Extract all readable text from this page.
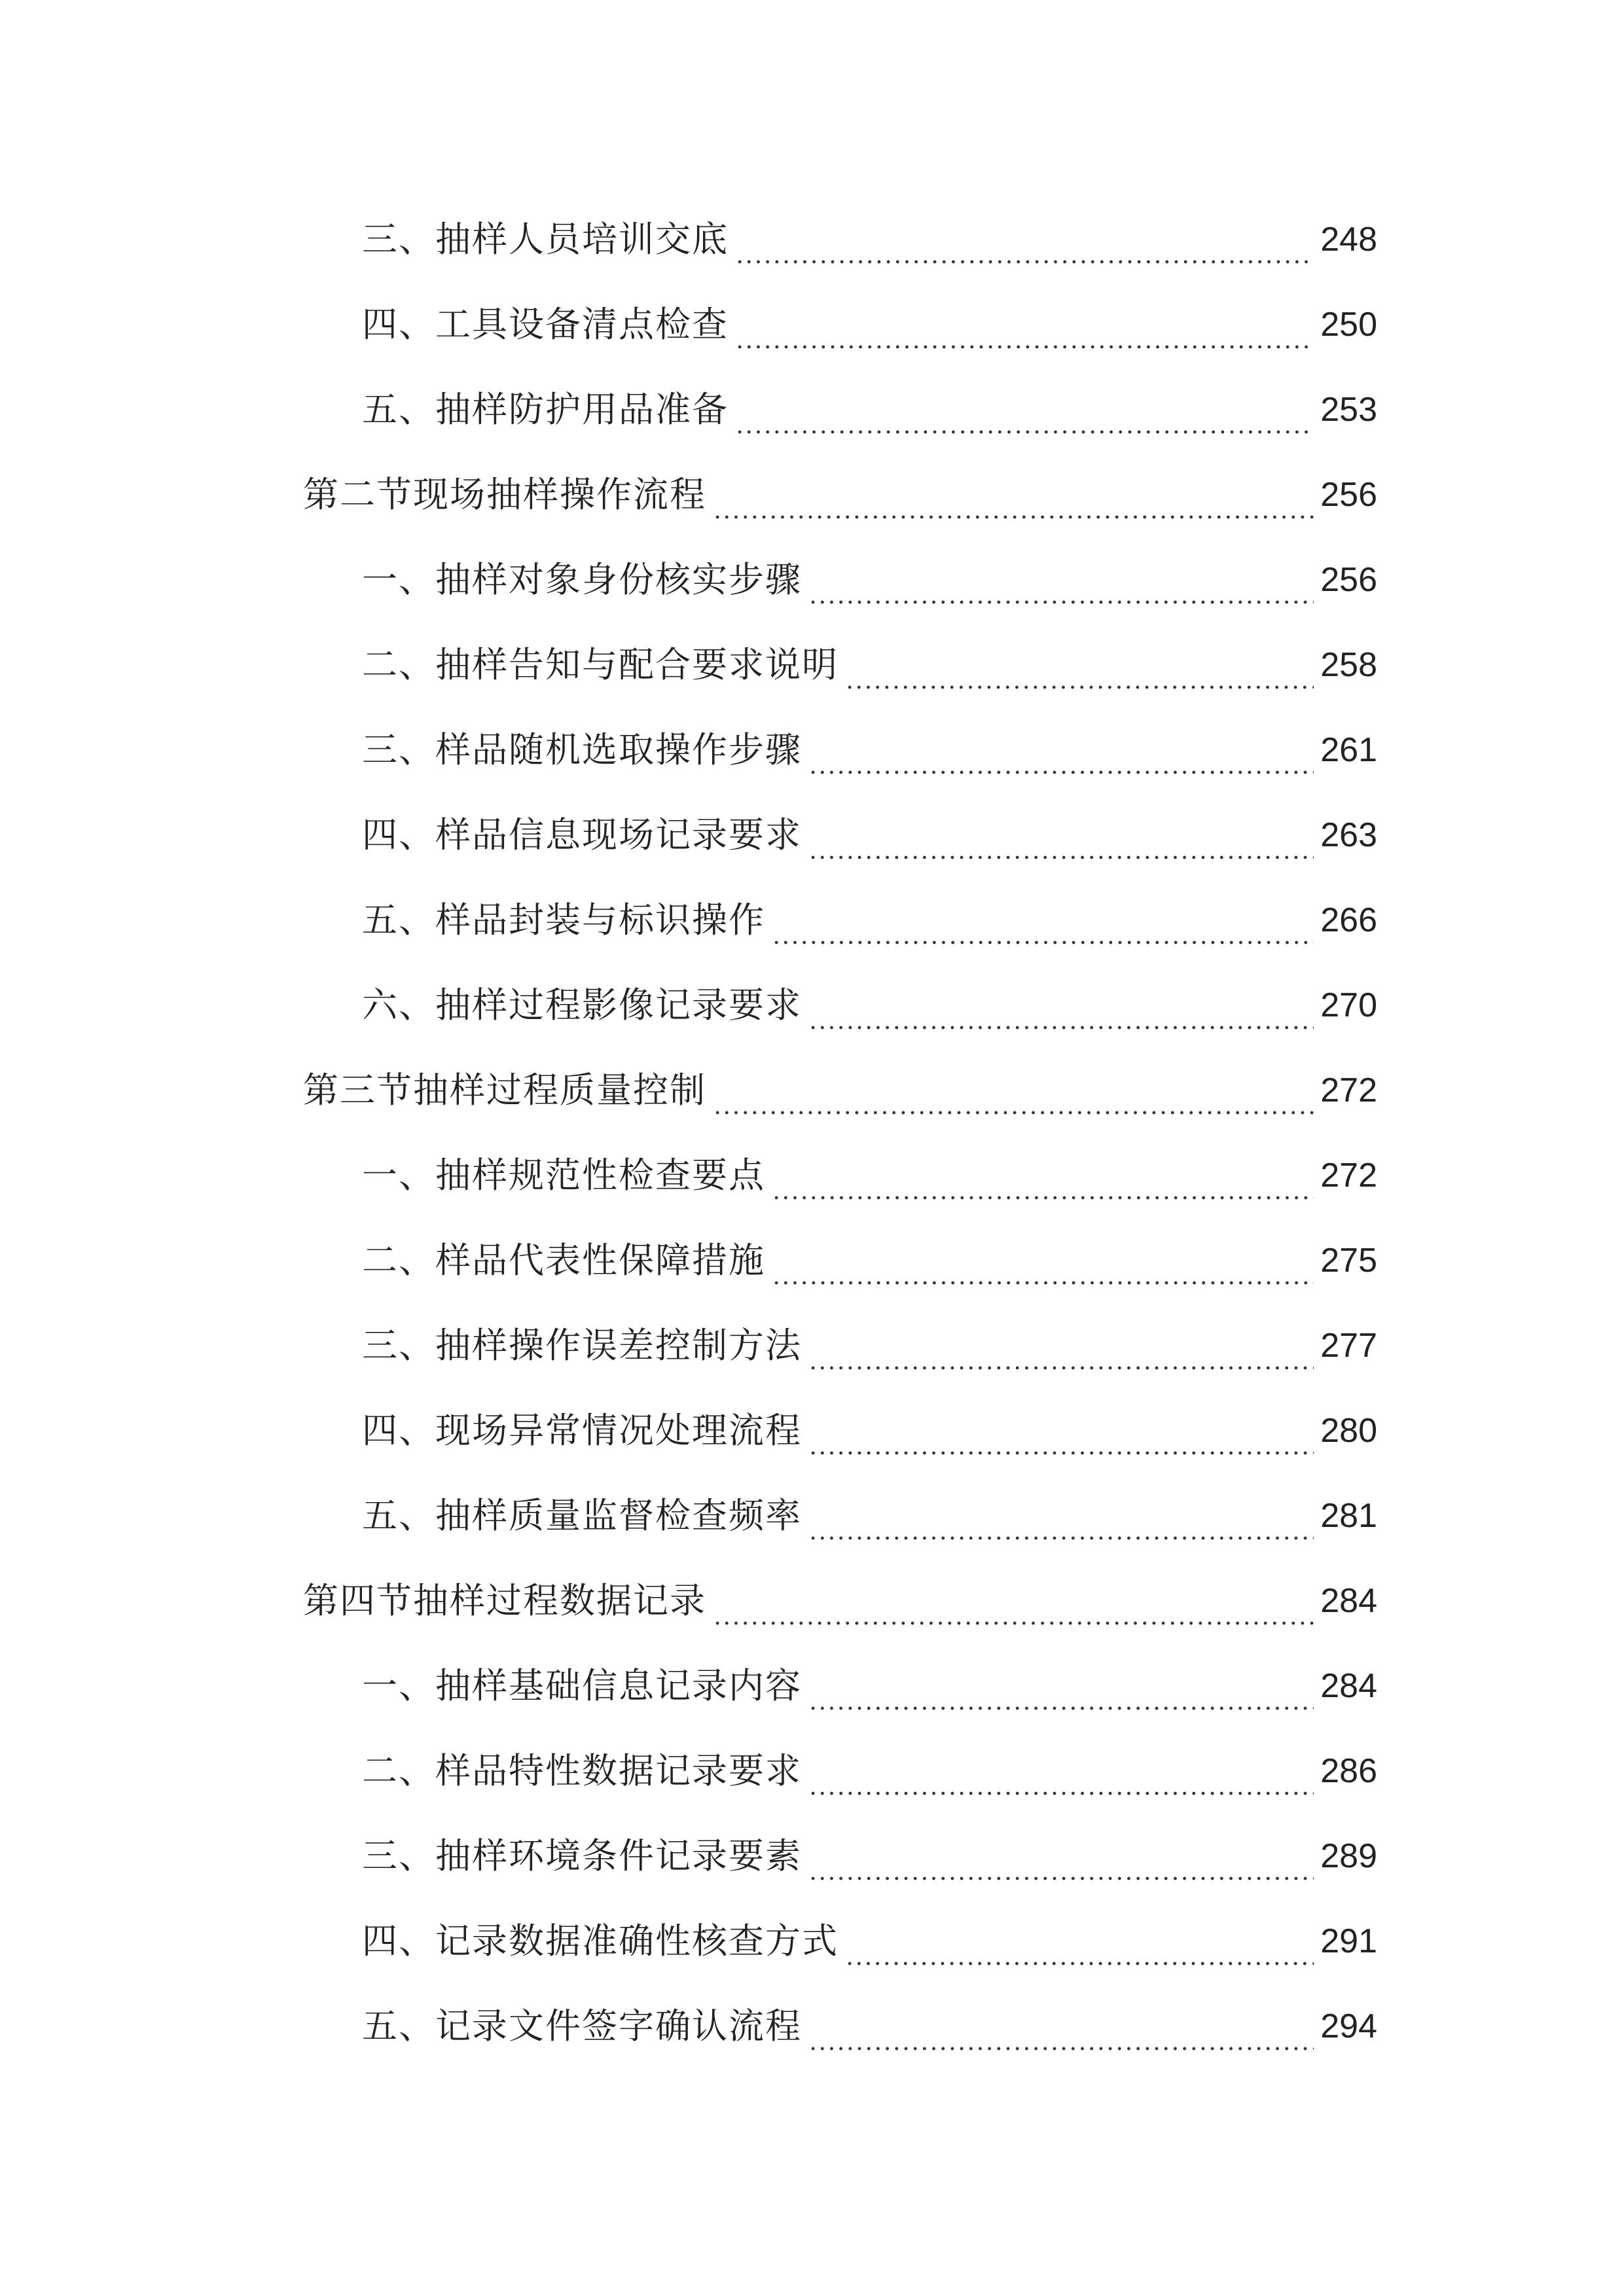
三、抽样人员培训交底	248
四、工具设备清点检查	250
五、抽样防护用品准备	253
第二节现场抽样操作流程	256
一、抽样对象身份核实步骤	256
二、抽样告知与配合要求说明	258
三、样品随机选取操作步骤	261
四、样品信息现场记录要求	263
五、样品封装与标识操作	266
六、抽样过程影像记录要求	270
第三节抽样过程质量控制	272
一、抽样规范性检查要点	272
二、样品代表性保障措施	275
三、抽样操作误差控制方法	277
四、现场异常情况处理流程	280
五、抽样质量监督检查频率	281
第四节抽样过程数据记录	284
一、抽样基础信息记录内容	284
二、样品特性数据记录要求	286
三、抽样环境条件记录要素	289
四、记录数据准确性核查方式	291
五、记录文件签字确认流程	294
